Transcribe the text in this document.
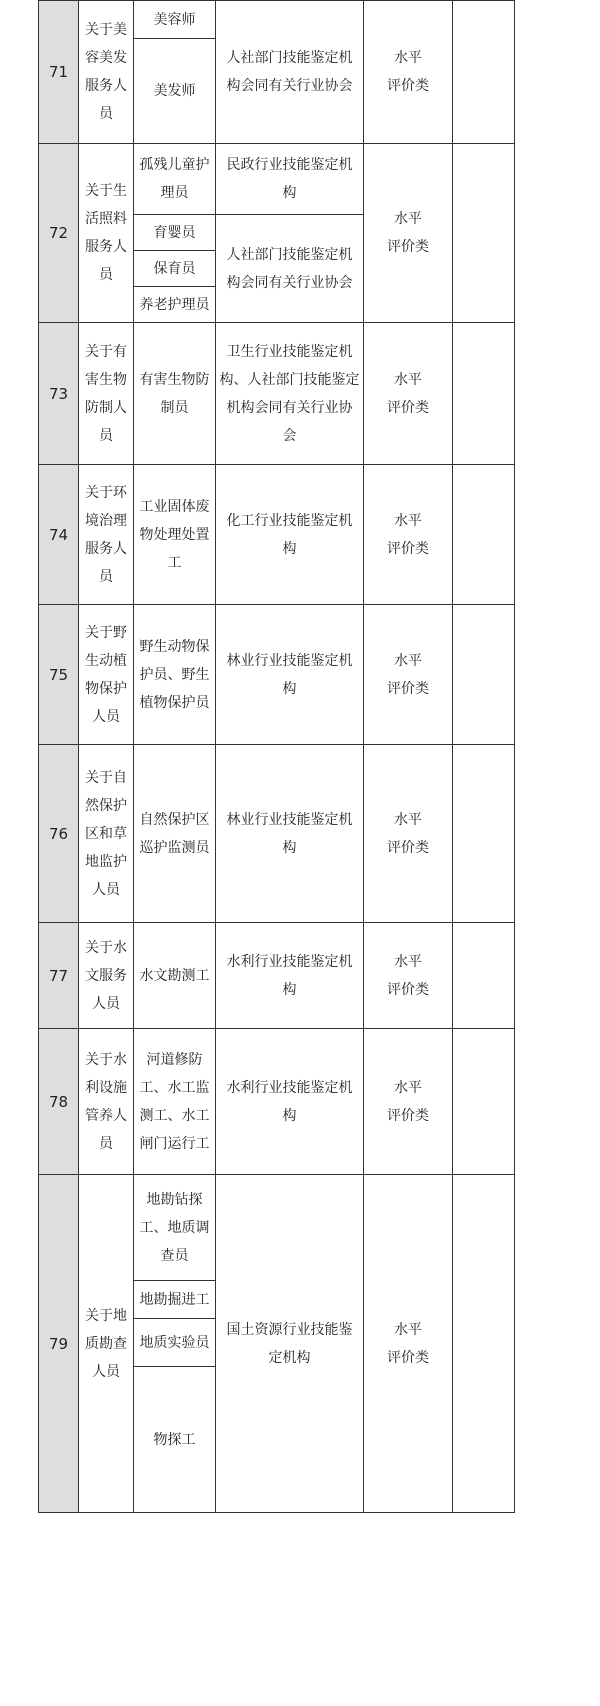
71
关于美
容美发
服务人
员
美容师
美发师
人社部门技能鉴定机
构会同有关行业协会
水平
评价类
72
关于生
活照料
服务人
员
孤残儿童护
理员
育婴员
保育员
养老护理员
民政行业技能鉴定机
构
人社部门技能鉴定机
构会同有关行业协会
水平
评价类
73
关于有
害生物
防制人
员
有害生物防
制员
卫生行业技能鉴定机
构、人社部门技能鉴定
机构会同有关行业协
会
水平
评价类
74
关于环
境治理
服务人
员
工业固体废
物处理处置
工
化工行业技能鉴定机
构
水平
评价类
75
关于野
生动植
物保护
人员
野生动物保
护员、野生
植物保护员
林业行业技能鉴定机
构
水平
评价类
76
关于自
然保护
区和草
地监护
人员
自然保护区
巡护监测员
林业行业技能鉴定机
构
水平
评价类
77
关于水
文服务
人员
水文勘测工
水利行业技能鉴定机
构
水平
评价类
78
关于水
利设施
管养人
员
河道修防
工、水工监
测工、水工
闸门运行工
水利行业技能鉴定机
构
水平
评价类
79
关于地
质勘查
人员
地勘钻探
工、地质调
查员
地勘掘进工
地质实验员
物探工
国土资源行业技能鉴
定机构
水平
评价类
